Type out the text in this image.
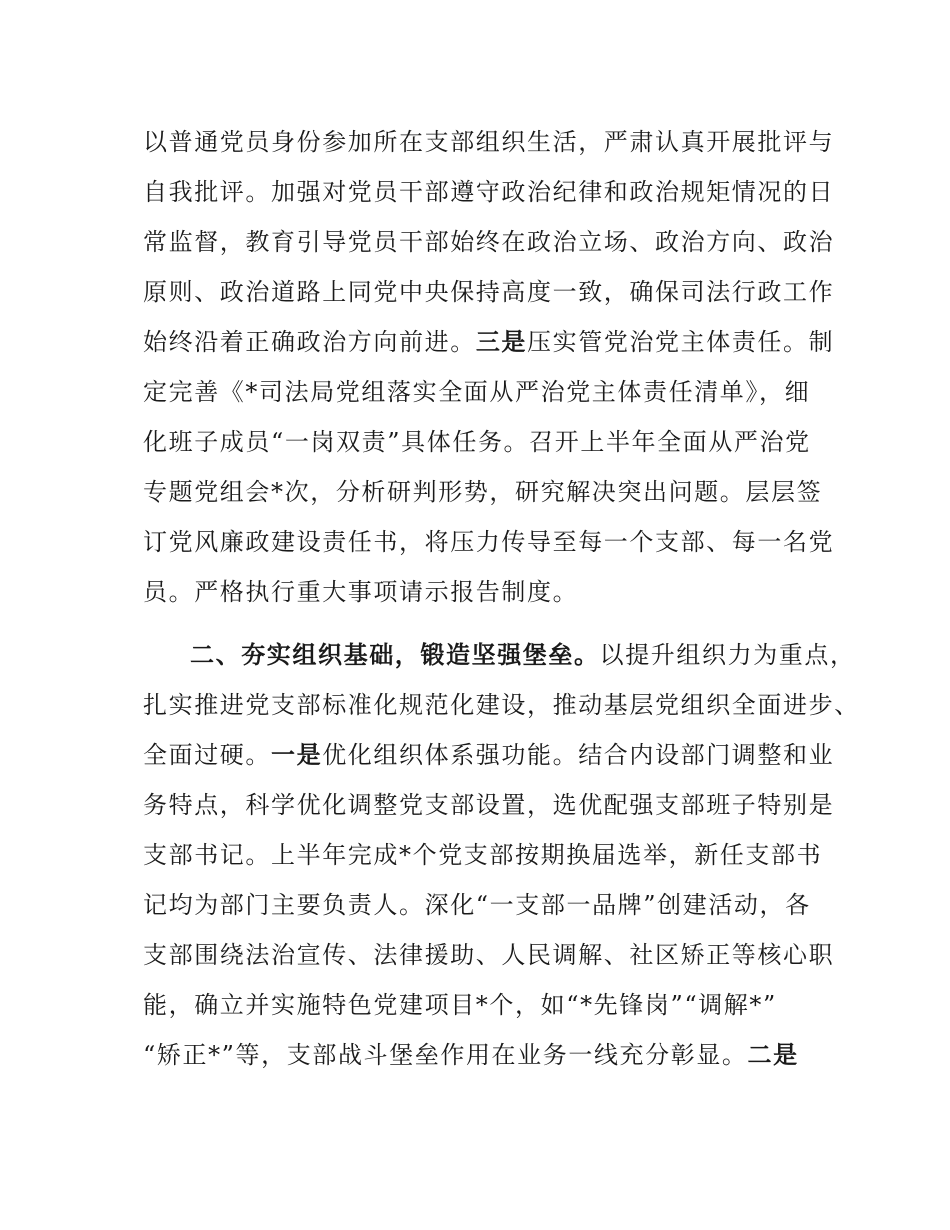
以普通党员身份参加所在支部组织生活，严肃认真开展批评与
自我批评。加强对党员干部遵守政治纪律和政治规矩情况的日
常监督，教育引导党员干部始终在政治立场、政治方向、政治
原则、政治道路上同党中央保持高度一致，确保司法行政工作
始终沿着正确政治方向前进。三是压实管党治党主体责任。制
定完善《*司法局党组落实全面从严治党主体责任清单》，细
化班子成员“一岗双责”具体任务。召开上半年全面从严治党
专题党组会*次，分析研判形势，研究解决突出问题。层层签
订党风廉政建设责任书，将压力传导至每一个支部、每一名党
员。严格执行重大事项请示报告制度。
二、夯实组织基础，锻造坚强堡垒。以提升组织力为重点，
扎实推进党支部标准化规范化建设，推动基层党组织全面进步、
全面过硬。一是优化组织体系强功能。结合内设部门调整和业
务特点，科学优化调整党支部设置，选优配强支部班子特别是
支部书记。上半年完成*个党支部按期换届选举，新任支部书
记均为部门主要负责人。深化“一支部一品牌”创建活动，各
支部围绕法治宣传、法律援助、人民调解、社区矫正等核心职
能，确立并实施特色党建项目*个，如“*先锋岗”“调解*”
“矫正*”等，支部战斗堡垒作用在业务一线充分彰显。二是
